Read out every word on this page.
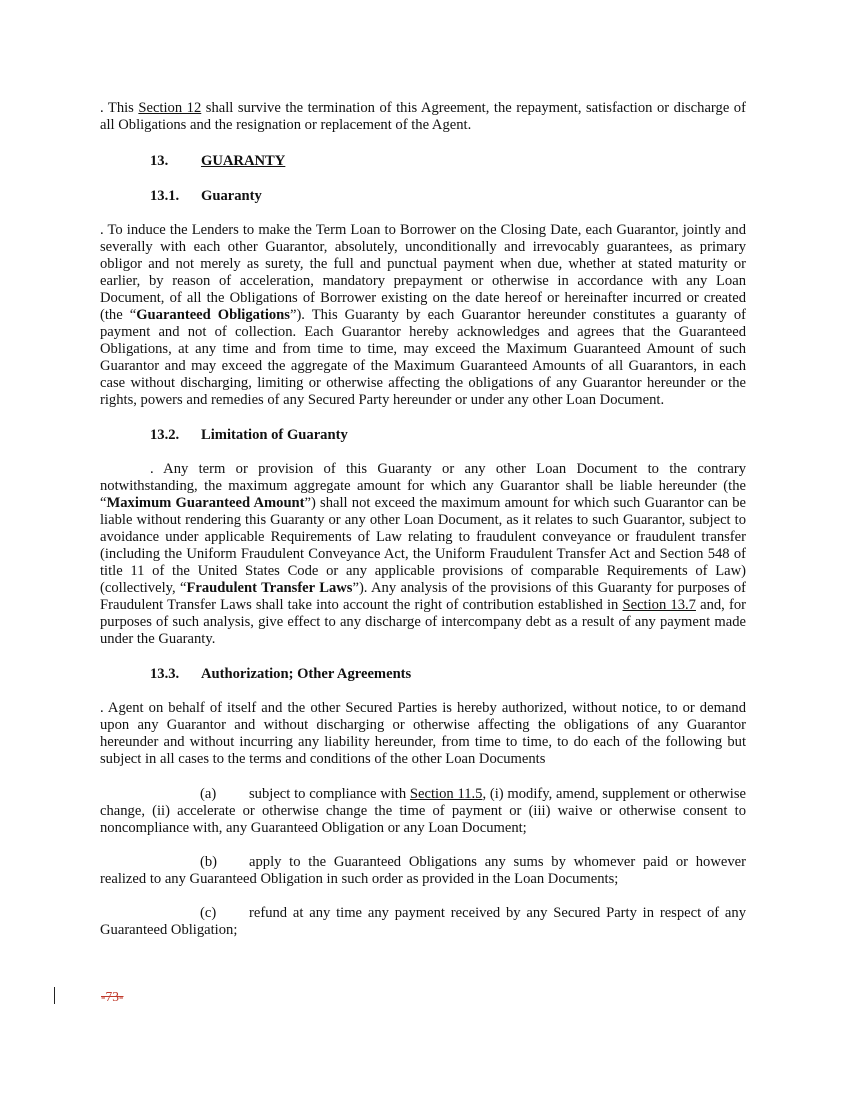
. This Section 12 shall survive the termination of this Agreement, the repayment, satisfaction or discharge of all Obligations and the resignation or replacement of the Agent.

13. GUARANTY

13.1. Guaranty

. To induce the Lenders to make the Term Loan to Borrower on the Closing Date, each Guarantor, jointly and severally with each other Guarantor, absolutely, unconditionally and irrevocably guarantees, as primary obligor and not merely as surety, the full and punctual payment when due, whether at stated maturity or earlier, by reason of acceleration, mandatory prepayment or otherwise in accordance with any Loan Document, of all the Obligations of Borrower existing on the date hereof or hereinafter incurred or created (the “Guaranteed Obligations”). This Guaranty by each Guarantor hereunder constitutes a guaranty of payment and not of collection. Each Guarantor hereby acknowledges and agrees that the Guaranteed Obligations, at any time and from time to time, may exceed the Maximum Guaranteed Amount of such Guarantor and may exceed the aggregate of the Maximum Guaranteed Amounts of all Guarantors, in each case without discharging, limiting or otherwise affecting the obligations of any Guarantor hereunder or the rights, powers and remedies of any Secured Party hereunder or under any other Loan Document.

13.2. Limitation of Guaranty

. Any term or provision of this Guaranty or any other Loan Document to the contrary notwithstanding, the maximum aggregate amount for which any Guarantor shall be liable hereunder (the “Maximum Guaranteed Amount”) shall not exceed the maximum amount for which such Guarantor can be liable without rendering this Guaranty or any other Loan Document, as it relates to such Guarantor, subject to avoidance under applicable Requirements of Law relating to fraudulent conveyance or fraudulent transfer (including the Uniform Fraudulent Conveyance Act, the Uniform Fraudulent Transfer Act and Section 548 of title 11 of the United States Code or any applicable provisions of comparable Requirements of Law) (collectively, “Fraudulent Transfer Laws”). Any analysis of the provisions of this Guaranty for purposes of Fraudulent Transfer Laws shall take into account the right of contribution established in Section 13.7 and, for purposes of such analysis, give effect to any discharge of intercompany debt as a result of any payment made under the Guaranty.

13.3. Authorization; Other Agreements

. Agent on behalf of itself and the other Secured Parties is hereby authorized, without notice, to or demand upon any Guarantor and without discharging or otherwise affecting the obligations of any Guarantor hereunder and without incurring any liability hereunder, from time to time, to do each of the following but subject in all cases to the terms and conditions of the other Loan Documents

(a) subject to compliance with Section 11.5, (i) modify, amend, supplement or otherwise change, (ii) accelerate or otherwise change the time of payment or (iii) waive or otherwise consent to noncompliance with, any Guaranteed Obligation or any Loan Document;

(b) apply to the Guaranteed Obligations any sums by whomever paid or however realized to any Guaranteed Obligation in such order as provided in the Loan Documents;

(c) refund at any time any payment received by any Secured Party in respect of any Guaranteed Obligation;

-73-
